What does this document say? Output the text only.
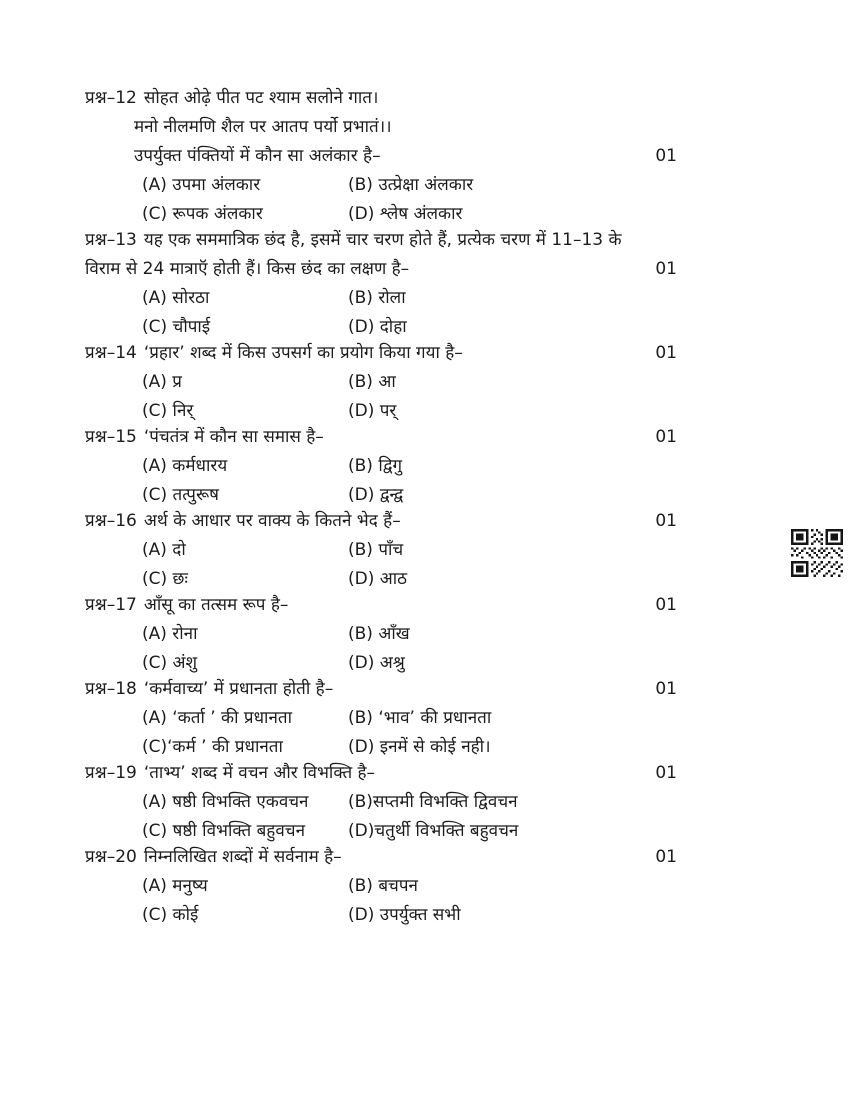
प्रश्न–12 सोहत ओढ़े पीत पट श्याम सलोने गात।
मनो नीलमणि शैल पर आतप पर्यो प्रभातं।।
उपर्युक्त पंक्तियों में कौन सा अलंकार है–	01
(A) उपमा अंलकार	(B) उत्प्रेक्षा अंलकार
(C) रूपक अंलकार	(D) श्लेष अंलकार
प्रश्न–13 यह एक सममात्रिक छंद है, इसमें चार चरण होते हैं, प्रत्येक चरण में 11–13 के
विराम से 24 मात्राऍ होती हैं। किस छंद का लक्षण है–	01
(A) सोरठा	(B) रोला
(C) चौपाई	(D) दोहा
प्रश्न–14 ‘प्रहार’ शब्द में किस उपसर्ग का प्रयोग किया गया है–	01
(A) प्र	(B) आ
(C) निर्	(D) पर्
प्रश्न–15 ‘पंचतंत्र में कौन सा समास है–	01
(A) कर्मधारय	(B) द्विगु
(C) तत्पुरूष	(D) द्वन्द्व
प्रश्न–16 अर्थ के आधार पर वाक्य के कितने भेद हैं–	01
(A) दो	(B) पाँच
(C) छः	(D) आठ
प्रश्न–17 आँसू का तत्सम रूप है–	01
(A) रोना	(B) आँख
(C) अंशु	(D) अश्रु
प्रश्न–18 ‘कर्मवाच्य’ में प्रधानता होती है–	01
(A) ‘कर्ता ’ की प्रधानता	(B) ‘भाव’ की प्रधानता
(C)‘कर्म ’ की प्रधानता	(D) इनमें से कोई नही।
प्रश्न–19 ‘ताभ्य’ शब्द में वचन और विभक्ति है–	01
(A) षष्ठी विभक्ति एकवचन	(B)सप्तमी विभक्ति द्विवचन
(C) षष्ठी विभक्ति बहुवचन	(D)चतुर्थी विभक्ति बहुवचन
प्रश्न–20 निम्नलिखित शब्दों में सर्वनाम है–	01
(A) मनुष्य	(B) बचपन
(C) कोई	(D) उपर्युक्त सभी
